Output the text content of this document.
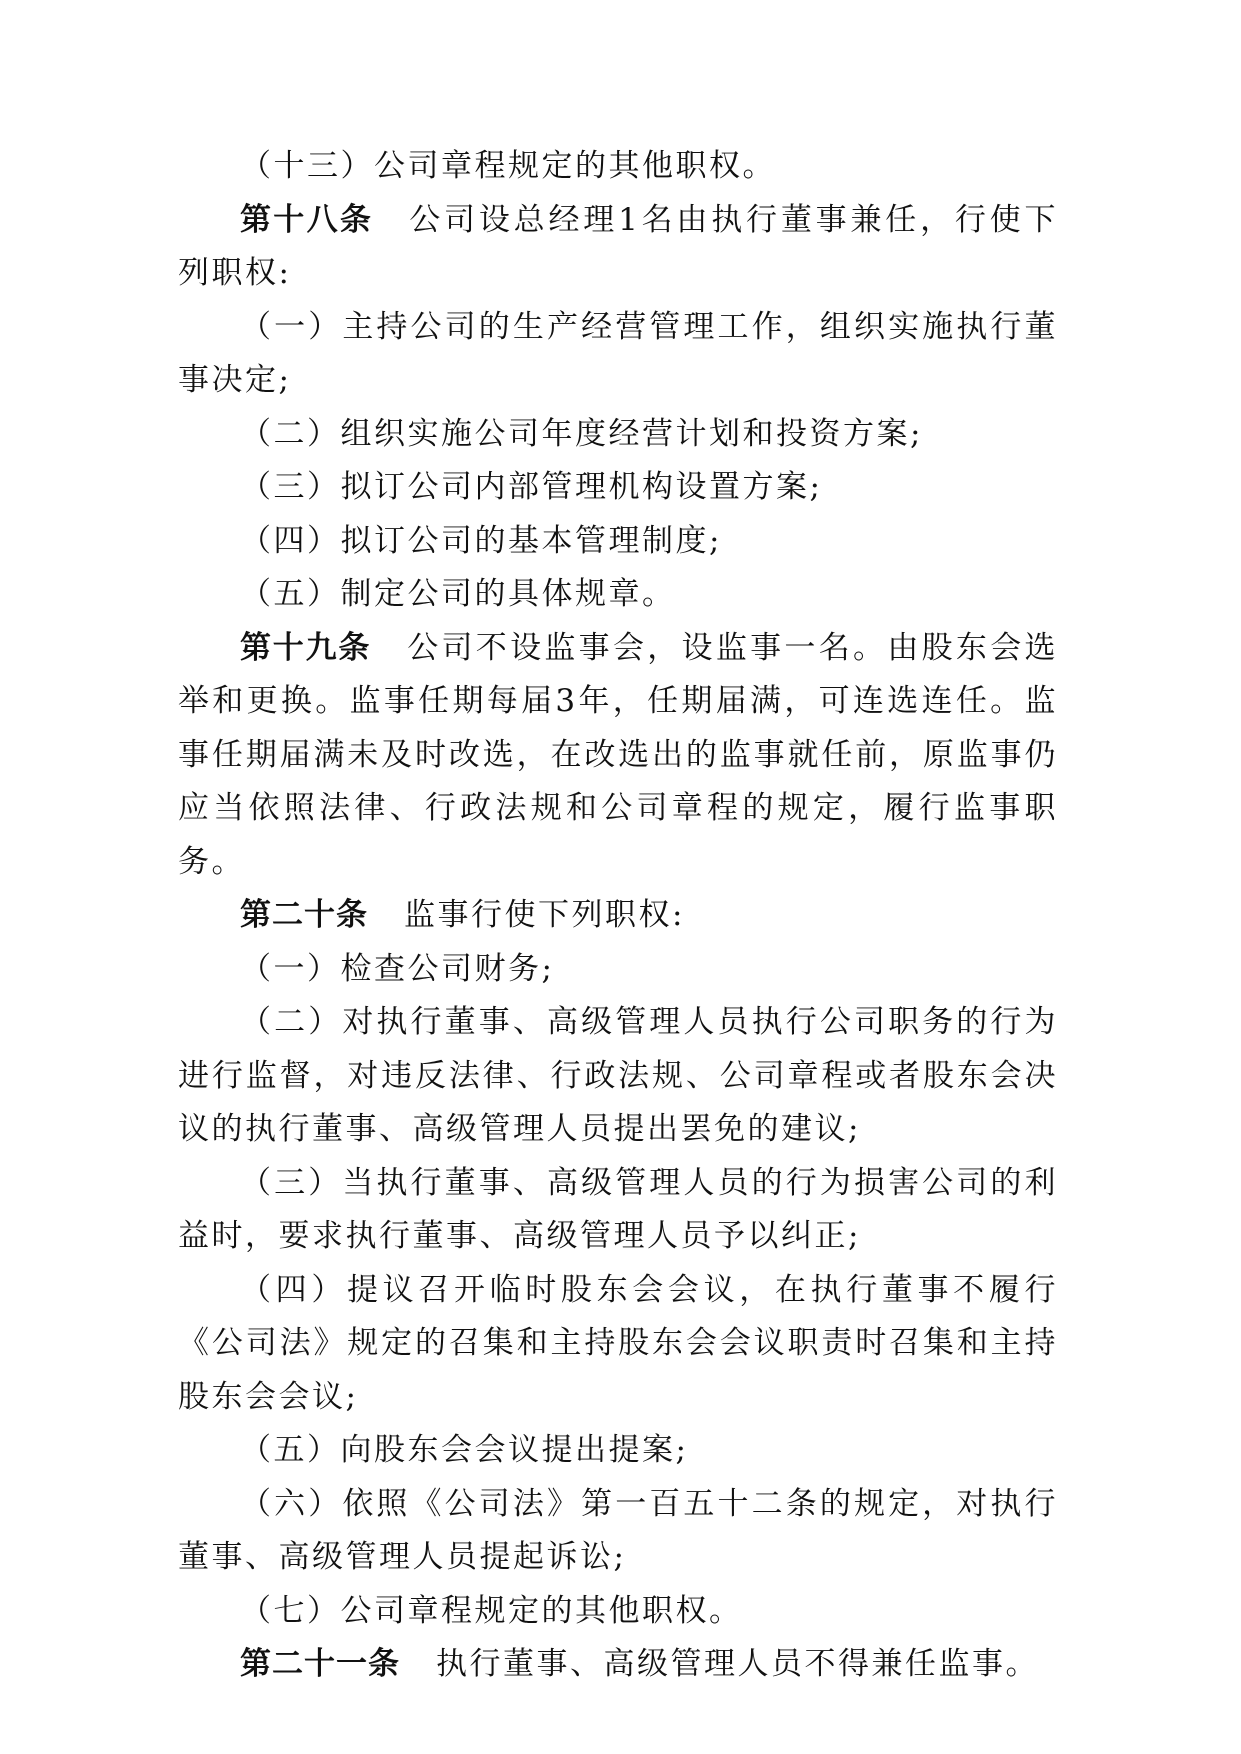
（十三）公司章程规定的其他职权。

第十八条 公司设总经理1名由执行董事兼任，行使下列职权:

（一）主持公司的生产经营管理工作，组织实施执行董事决定;

（二）组织实施公司年度经营计划和投资方案;

（三）拟订公司内部管理机构设置方案;

（四）拟订公司的基本管理制度;

（五）制定公司的具体规章。

第十九条 公司不设监事会，设监事一名。由股东会选举和更换。监事任期每届3年，任期届满，可连选连任。监事任期届满未及时改选，在改选出的监事就任前，原监事仍应当依照法律、行政法规和公司章程的规定，履行监事职务。

第二十条 监事行使下列职权:

（一）检查公司财务;

（二）对执行董事、高级管理人员执行公司职务的行为进行监督，对违反法律、行政法规、公司章程或者股东会决议的执行董事、高级管理人员提出罢免的建议;

（三）当执行董事、高级管理人员的行为损害公司的利益时，要求执行董事、高级管理人员予以纠正;

（四）提议召开临时股东会会议，在执行董事不履行《公司法》规定的召集和主持股东会会议职责时召集和主持股东会会议;

（五）向股东会会议提出提案;

（六）依照《公司法》第一百五十二条的规定，对执行董事、高级管理人员提起诉讼;

（七）公司章程规定的其他职权。

第二十一条 执行董事、高级管理人员不得兼任监事。
